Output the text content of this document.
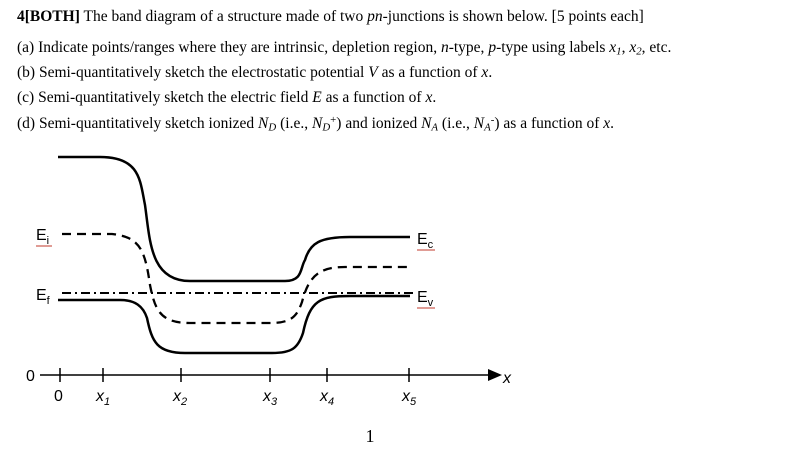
4[BOTH] The band diagram of a structure made of two pn-junctions is shown below. [5 points each]
(a) Indicate points/ranges where they are intrinsic, depletion region, n-type, p-type using labels $x_1$, $x_2$, etc.
(b) Semi-quantitatively sketch the electrostatic potential V as a function of x.
(c) Semi-quantitatively sketch the electric field E as a function of x.
(d) Semi-quantitatively sketch ionized $N_D$ (i.e., $N_D^+$) and ionized $N_A$ (i.e., $N_A^-$) as a function of x.
$E_i$
$E_f$
$E_c$
$E_v$
x
0
0 $x_1$	$x_2$	$x_3$	$x_4$	$x_5$
1
